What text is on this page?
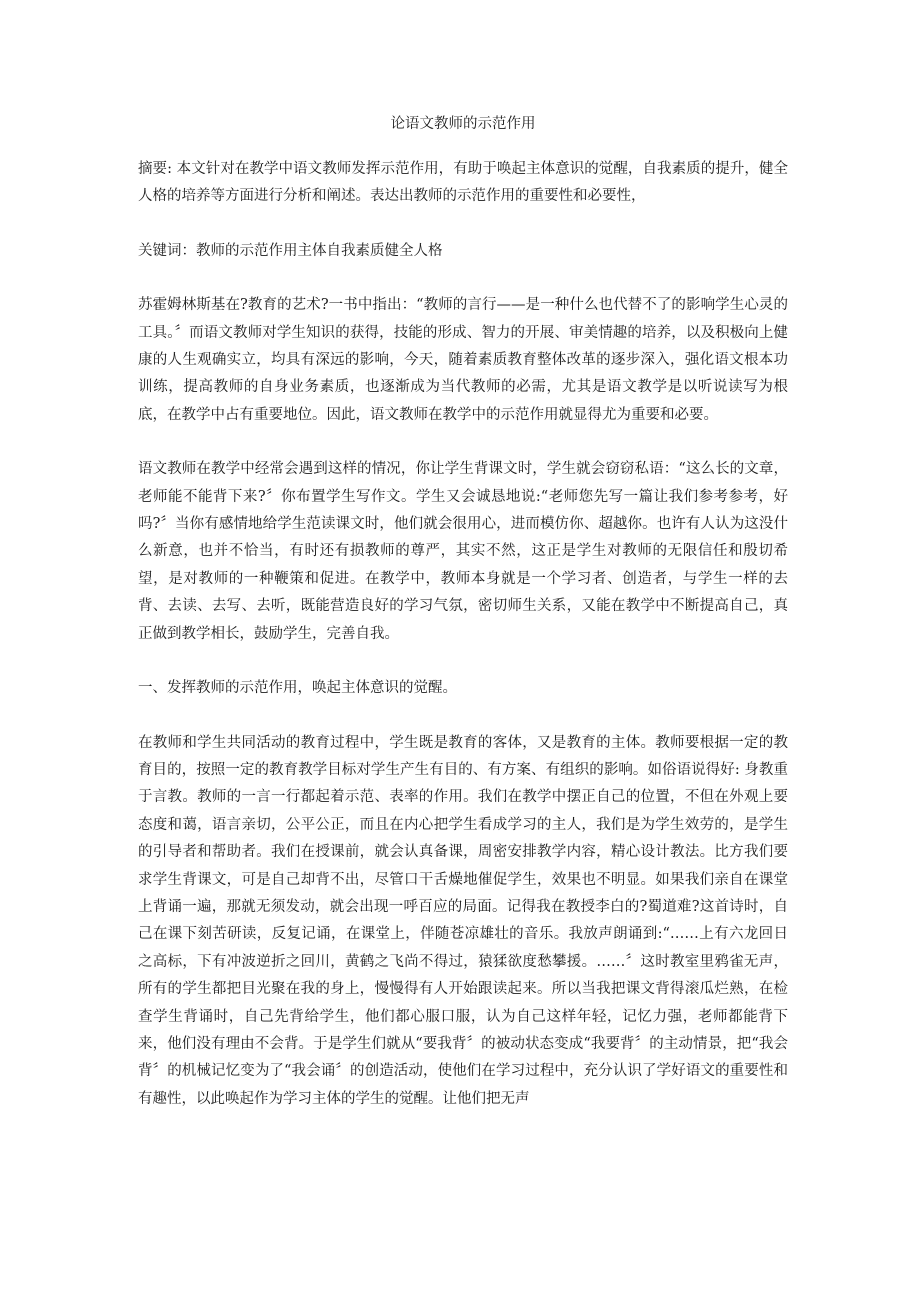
论语文教师的示范作用

摘要: 本文针对在教学中语文教师发挥示范作用，有助于唤起主体意识的觉醒，自我素质的提升，健全人格的培养等方面进行分析和阐述。表达出教师的示范作用的重要性和必要性，

关键词：教师的示范作用主体自我素质健全人格

苏霍姆林斯基在?教育的艺术?一书中指出：“教师的言行——是一种什么也代替不了的影响学生心灵的工具。〞而语文教师对学生知识的获得，技能的形成、智力的开展、审美情趣的培养，以及积极向上健康的人生观确实立，均具有深远的影响，今天，随着素质教育整体改革的逐步深入，强化语文根本功训练，提高教师的自身业务素质，也逐渐成为当代教师的必需，尤其是语文教学是以听说读写为根底，在教学中占有重要地位。因此，语文教师在教学中的示范作用就显得尤为重要和必要。

语文教师在教学中经常会遇到这样的情况，你让学生背课文时，学生就会窃窃私语：“这么长的文章，老师能不能背下来?〞你布置学生写作文。学生又会诚恳地说:“老师您先写一篇让我们参考参考，好吗?〞当你有感情地给学生范读课文时，他们就会很用心，进而模仿你、超越你。也许有人认为这没什么新意，也并不恰当，有时还有损教师的尊严，其实不然，这正是学生对教师的无限信任和殷切希望，是对教师的一种鞭策和促进。在教学中，教师本身就是一个学习者、创造者，与学生一样的去背、去读、去写、去听，既能营造良好的学习气氛，密切师生关系，又能在教学中不断提高自己，真正做到教学相长，鼓励学生，完善自我。

一、发挥教师的示范作用，唤起主体意识的觉醒。

在教师和学生共同活动的教育过程中，学生既是教育的客体，又是教育的主体。教师要根据一定的教育目的，按照一定的教育教学目标对学生产生有目的、有方案、有组织的影响。如俗语说得好: 身教重于言教。教师的一言一行都起着示范、表率的作用。我们在教学中摆正自己的位置，不但在外观上要态度和蔼，语言亲切，公平公正，而且在内心把学生看成学习的主人，我们是为学生效劳的，是学生的引导者和帮助者。我们在授课前，就会认真备课，周密安排教学内容，精心设计教法。比方我们要求学生背课文，可是自己却背不出，尽管口干舌燥地催促学生，效果也不明显。如果我们亲自在课堂上背诵一遍，那就无须发动，就会出现一呼百应的局面。记得我在教授李白的?蜀道难?这首诗时，自己在课下刻苦研读，反复记诵，在课堂上，伴随苍凉雄壮的音乐。我放声朗诵到:“……上有六龙回日之高标，下有冲波逆折之回川，黄鹤之飞尚不得过，猿猱欲度愁攀援。……〞这时教室里鸦雀无声，所有的学生都把目光聚在我的身上，慢慢得有人开始跟读起来。所以当我把课文背得滚瓜烂熟，在检查学生背诵时，自己先背给学生，他们都心服口服，认为自己这样年轻，记忆力强，老师都能背下来，他们没有理由不会背。于是学生们就从“要我背〞的被动状态变成“我要背〞的主动情景，把“我会背〞的机械记忆变为了“我会诵〞的创造活动，使他们在学习过程中，充分认识了学好语文的重要性和有趣性，以此唤起作为学习主体的学生的觉醒。让他们把无声
